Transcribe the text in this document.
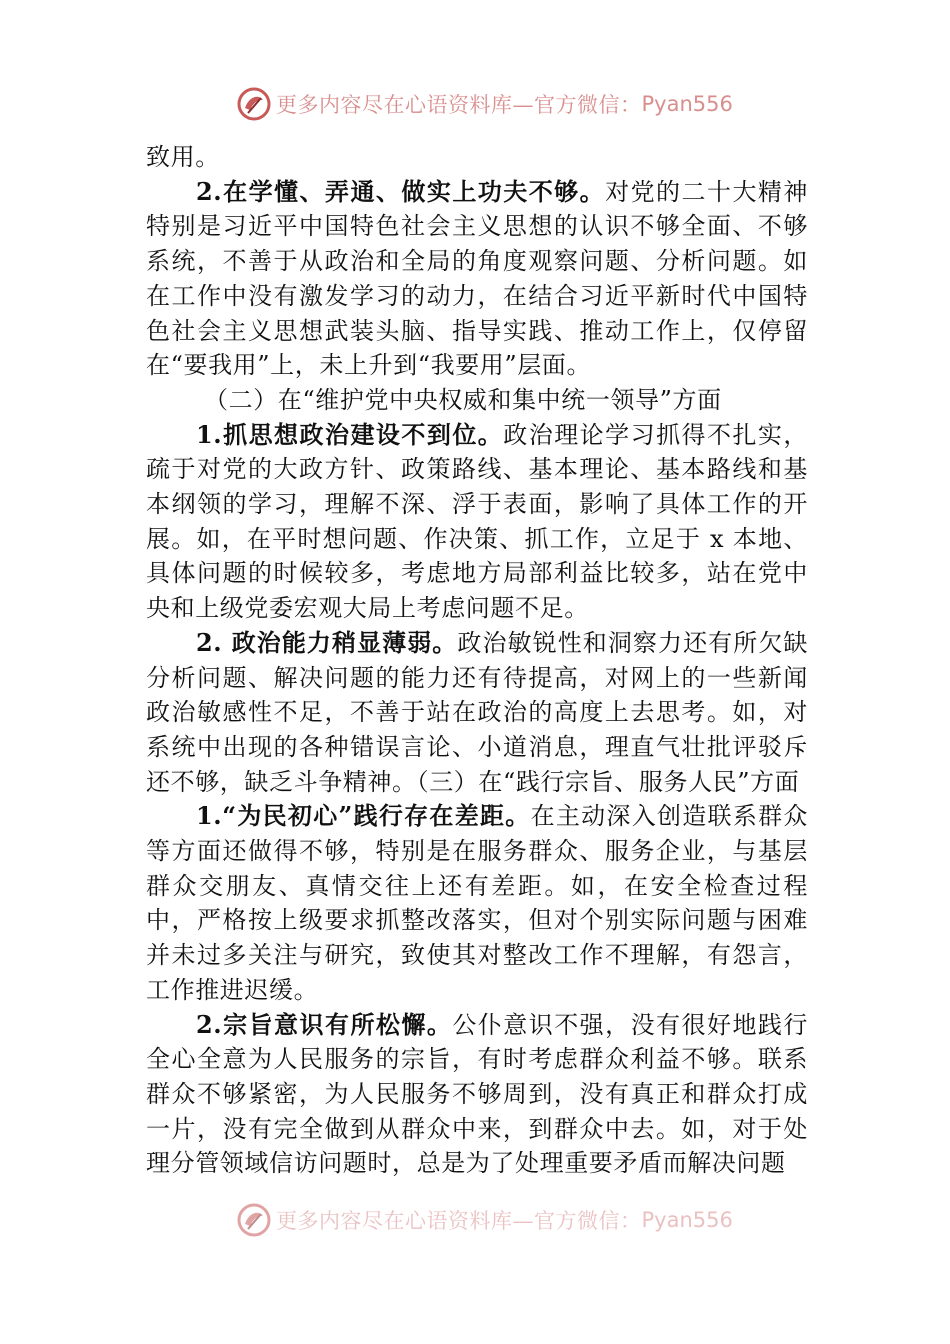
更多内容尽在心语资料库—官方微信： Pyan556

致用。

2.在学懂、弄通、做实上功夫不够。对党的二十大精神特别是习近平中国特色社会主义思想的认识不够全面、不够系统，不善于从政治和全局的角度观察问题、分析问题。如在工作中没有激发学习的动力，在结合习近平新时代中国特色社会主义思想武装头脑、指导实践、推动工作上，仅停留在“要我用”上，未上升到“我要用”层面。

（二）在“维护党中央权威和集中统一领导”方面

1.抓思想政治建设不到位。政治理论学习抓得不扎实，疏于对党的大政方针、政策路线、基本理论、基本路线和基本纲领的学习，理解不深、浮于表面，影响了具体工作的开展。如，在平时想问题、作决策、抓工作，立足于 x 本地、具体问题的时候较多，考虑地方局部利益比较多，站在党中央和上级党委宏观大局上考虑问题不足。

2. 政治能力稍显薄弱。政治敏锐性和洞察力还有所欠缺分析问题、解决问题的能力还有待提高，对网上的一些新闻政治敏感性不足，不善于站在政治的高度上去思考。如，对系统中出现的各种错误言论、小道消息，理直气壮批评驳斥还不够，缺乏斗争精神。（三）在“践行宗旨、服务人民”方面

1.“为民初心”践行存在差距。在主动深入创造联系群众等方面还做得不够，特别是在服务群众、服务企业，与基层群众交朋友、真情交往上还有差距。如，在安全检查过程中，严格按上级要求抓整改落实，但对个别实际问题与困难并未过多关注与研究，致使其对整改工作不理解，有怨言，工作推进迟缓。

2.宗旨意识有所松懈。公仆意识不强，没有很好地践行全心全意为人民服务的宗旨，有时考虑群众利益不够。联系群众不够紧密，为人民服务不够周到，没有真正和群众打成一片，没有完全做到从群众中来，到群众中去。如，对于处理分管领域信访问题时，总是为了处理重要矛盾而解决问题

更多内容尽在心语资料库—官方微信： Pyan556
